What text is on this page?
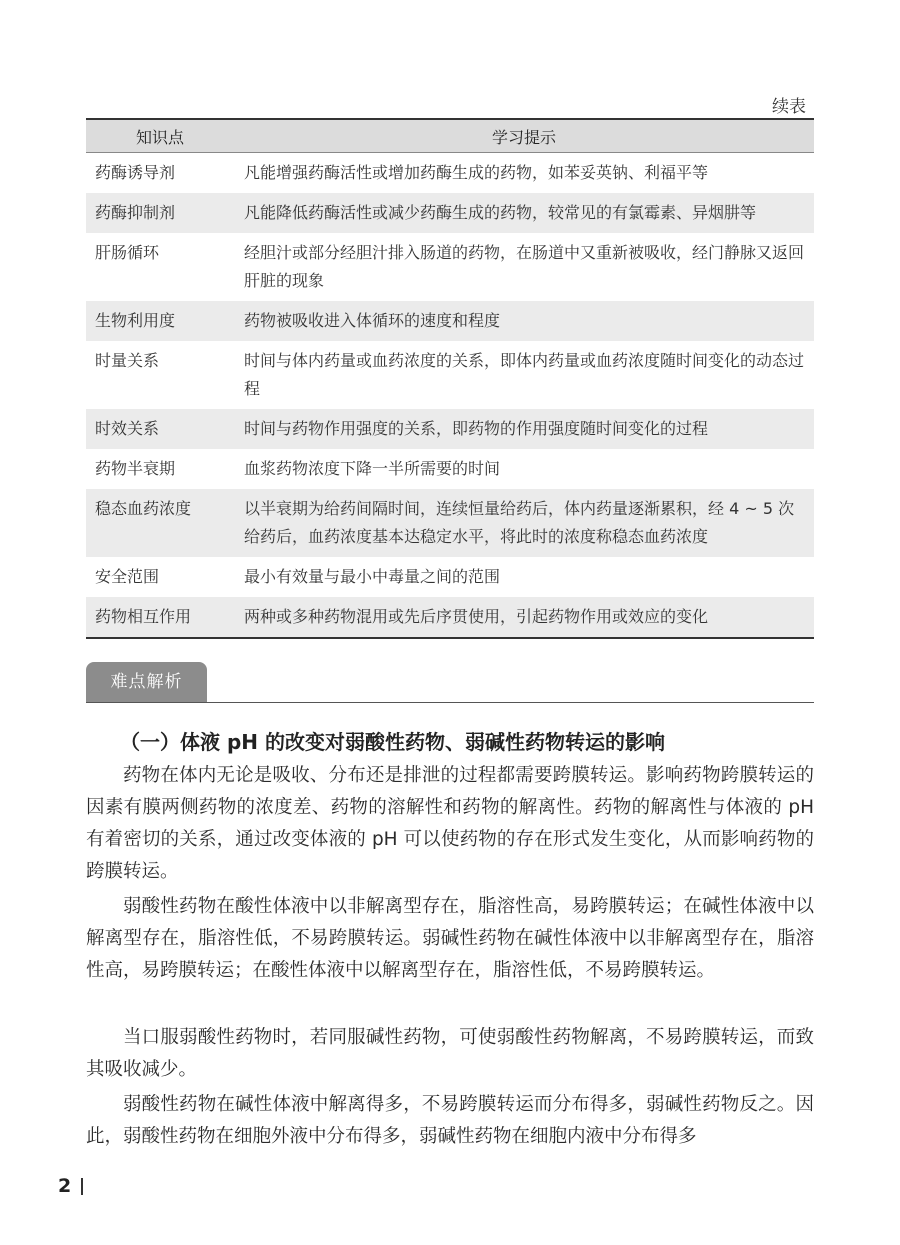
续表
知识点	学习提示
药酶诱导剂	凡能增强药酶活性或增加药酶生成的药物，如苯妥英钠、利福平等
药酶抑制剂	凡能降低药酶活性或减少药酶生成的药物，较常见的有氯霉素、异烟肼等
肝肠循环	经胆汁或部分经胆汁排入肠道的药物，在肠道中又重新被吸收，经门静脉又返回肝脏的现象
生物利用度	药物被吸收进入体循环的速度和程度
时量关系	时间与体内药量或血药浓度的关系，即体内药量或血药浓度随时间变化的动态过程
时效关系	时间与药物作用强度的关系，即药物的作用强度随时间变化的过程
药物半衰期	血浆药物浓度下降一半所需要的时间
稳态血药浓度	以半衰期为给药间隔时间，连续恒量给药后，体内药量逐渐累积，经 4 ~ 5 次给药后，血药浓度基本达稳定水平，将此时的浓度称稳态血药浓度
安全范围	最小有效量与最小中毒量之间的范围
药物相互作用	两种或多种药物混用或先后序贯使用，引起药物作用或效应的变化
难点解析
（一）体液 pH 的改变对弱酸性药物、弱碱性药物转运的影响

药物在体内无论是吸收、分布还是排泄的过程都需要跨膜转运。影响药物跨膜转运的因素有膜两侧药物的浓度差、药物的溶解性和药物的解离性。药物的解离性与体液的 pH 有着密切的关系，通过改变体液的 pH 可以使药物的存在形式发生变化，从而影响药物的跨膜转运。

弱酸性药物在酸性体液中以非解离型存在，脂溶性高，易跨膜转运；在碱性体液中以解离型存在，脂溶性低，不易跨膜转运。弱碱性药物在碱性体液中以非解离型存在，脂溶性高，易跨膜转运；在酸性体液中以解离型存在，脂溶性低，不易跨膜转运。

当口服弱酸性药物时，若同服碱性药物，可使弱酸性药物解离，不易跨膜转运，而致其吸收减少。

弱酸性药物在碱性体液中解离得多，不易跨膜转运而分布得多，弱碱性药物反之。因此，弱酸性药物在细胞外液中分布得多，弱碱性药物在细胞内液中分布得多

2
